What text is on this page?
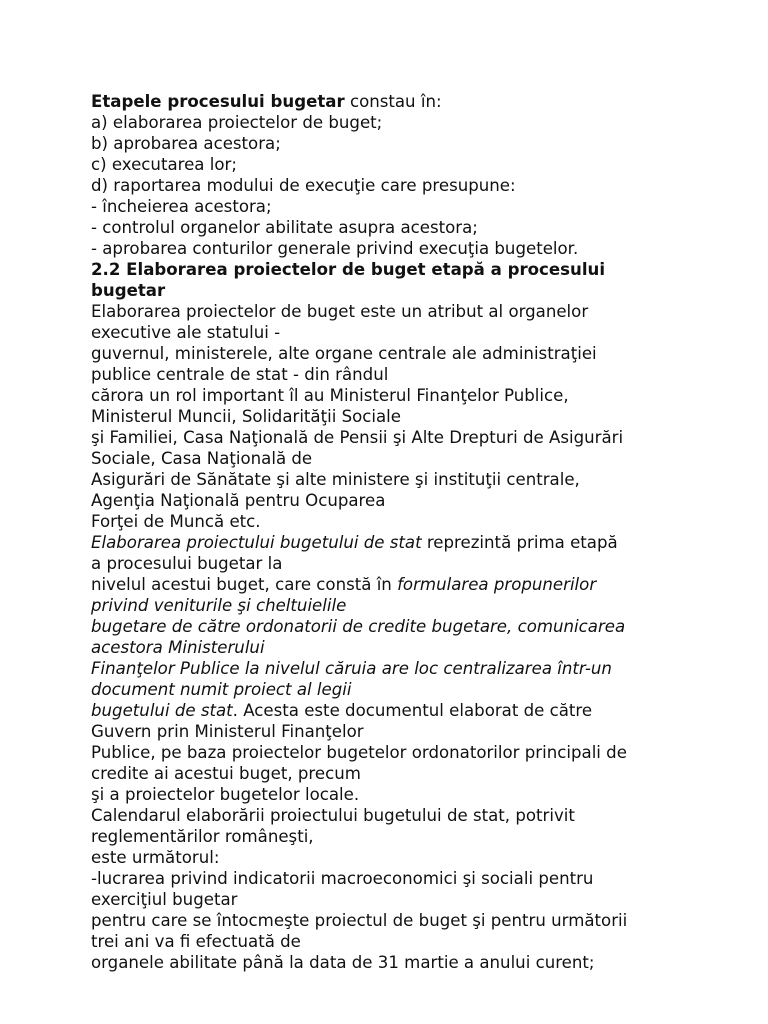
Etapele procesului bugetar constau în:
a) elaborarea proiectelor de buget;
b) aprobarea acestora;
c) executarea lor;
d) raportarea modului de execuţie care presupune:
- încheierea acestora;
- controlul organelor abilitate asupra acestora;
- aprobarea conturilor generale privind execuţia bugetelor.
2.2 Elaborarea proiectelor de buget etapă a procesului
bugetar
Elaborarea proiectelor de buget este un atribut al organelor
executive ale statului -
guvernul, ministerele, alte organe centrale ale administraţiei
publice centrale de stat - din rândul
cărora un rol important îl au Ministerul Finanţelor Publice,
Ministerul Muncii, Solidarităţii Sociale
şi Familiei, Casa Naţională de Pensii şi Alte Drepturi de Asigurări
Sociale, Casa Naţională de
Asigurări de Sănătate şi alte ministere şi instituţii centrale,
Agenţia Naţională pentru Ocuparea
Forţei de Muncă etc.
Elaborarea proiectului bugetului de stat reprezintă prima etapă
a procesului bugetar la
nivelul acestui buget, care constă în formularea propunerilor
privind veniturile şi cheltuielile
bugetare de către ordonatorii de credite bugetare, comunicarea
acestora Ministerului
Finanţelor Publice la nivelul căruia are loc centralizarea într-un
document numit proiect al legii
bugetului de stat. Acesta este documentul elaborat de către
Guvern prin Ministerul Finanţelor
Publice, pe baza proiectelor bugetelor ordonatorilor principali de
credite ai acestui buget, precum
şi a proiectelor bugetelor locale.
Calendarul elaborării proiectului bugetului de stat, potrivit
reglementărilor româneşti,
este următorul:
-lucrarea privind indicatorii macroeconomici şi sociali pentru
exerciţiul bugetar
pentru care se întocmeşte proiectul de buget şi pentru următorii
trei ani va fi efectuată de
organele abilitate până la data de 31 martie a anului curent;
